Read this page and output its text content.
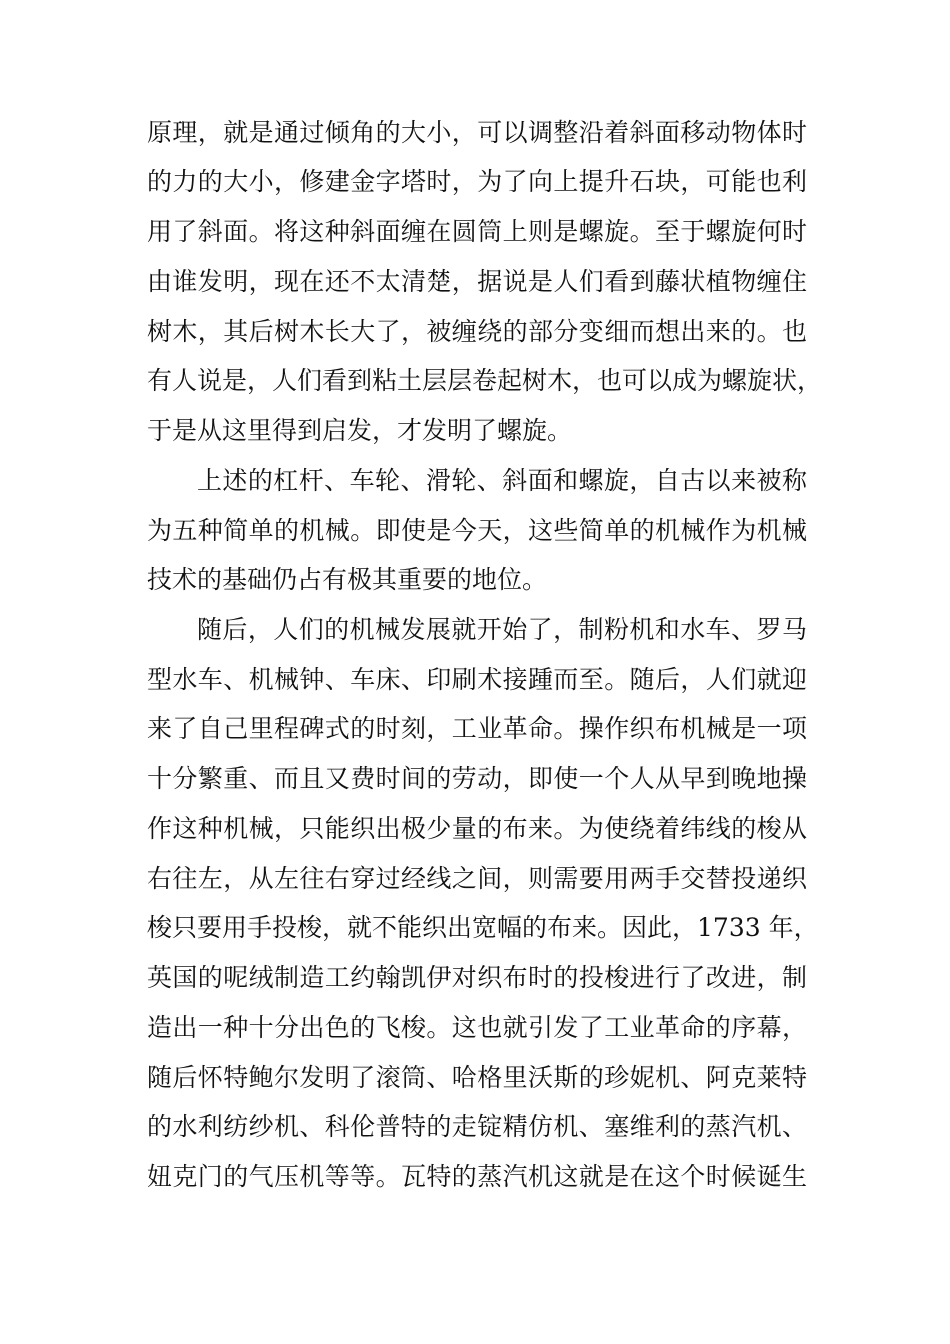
原理，就是通过倾角的大小，可以调整沿着斜面移动物体时
的力的大小，修建金字塔时，为了向上提升石块，可能也利
用了斜面。将这种斜面缠在圆筒上则是螺旋。至于螺旋何时
由谁发明，现在还不太清楚，据说是人们看到藤状植物缠住
树木，其后树木长大了，被缠绕的部分变细而想出来的。也
有人说是，人们看到粘土层层卷起树木，也可以成为螺旋状，
于是从这里得到启发，才发明了螺旋。
上述的杠杆、车轮、滑轮、斜面和螺旋，自古以来被称
为五种简单的机械。即使是今天，这些简单的机械作为机械
技术的基础仍占有极其重要的地位。
随后，人们的机械发展就开始了，制粉机和水车、罗马
型水车、机械钟、车床、印刷术接踵而至。随后，人们就迎
来了自己里程碑式的时刻，工业革命。操作织布机械是一项
十分繁重、而且又费时间的劳动，即使一个人从早到晚地操
作这种机械，只能织出极少量的布来。为使绕着纬线的梭从
右往左，从左往右穿过经线之间，则需要用两手交替投递织
梭只要用手投梭，就不能织出宽幅的布来。因此，1733 年，
英国的呢绒制造工约翰凯伊对织布时的投梭进行了改进，制
造出一种十分出色的飞梭。这也就引发了工业革命的序幕，
随后怀特鲍尔发明了滚筒、哈格里沃斯的珍妮机、阿克莱特
的水利纺纱机、科伦普特的走锭精仿机、塞维利的蒸汽机、
妞克门的气压机等等。瓦特的蒸汽机这就是在这个时候诞生
